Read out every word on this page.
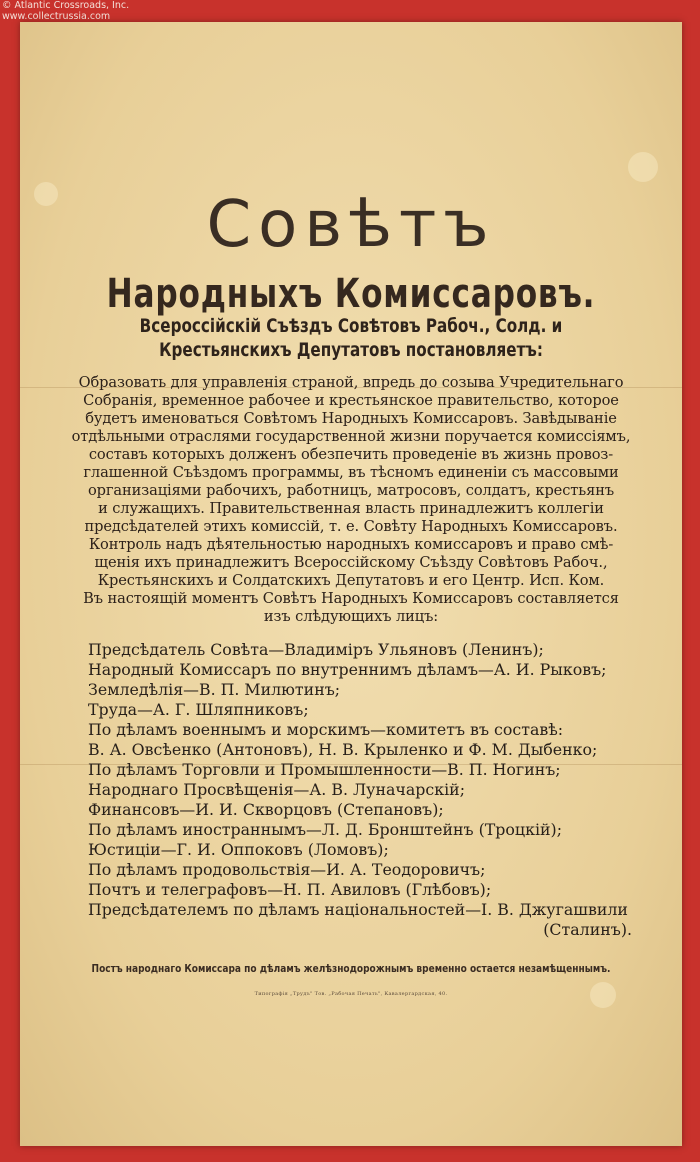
© Atlantic Crossroads, Inc.
www.collectrussia.com
Совѣтъ
Народныхъ Комиссаровъ.
Всероссійскій Съѣздъ Совѣтовъ Рабоч., Солд. и
Крестьянскихъ Депутатовъ постановляетъ:
Образовать для управленія страной, впредь до созыва Учредительнаго
Собранія, временное рабочее и крестьянское правительство, которое
будетъ именоваться Совѣтомъ Народныхъ Комиссаровъ. Завѣдываніе
отдѣльными отраслями государственной жизни поручается комиссіямъ,
составъ которыхъ долженъ обезпечить проведеніе въ жизнь провоз-
глашенной Съѣздомъ программы, въ тѣсномъ единеніи съ массовыми
организаціями рабочихъ, работницъ, матросовъ, солдатъ, крестьянъ
и служащихъ. Правительственная власть принадлежитъ коллегіи
предсѣдателей этихъ комиссій, т. е. Совѣту Народныхъ Комиссаровъ.
Контроль надъ дѣятельностью народныхъ комиссаровъ и право смѣ-
щенія ихъ принадлежитъ Всероссійскому Съѣзду Совѣтовъ Рабоч.,
Крестьянскихъ и Солдатскихъ Депутатовъ и его Центр. Исп. Ком.
Въ настоящій моментъ Совѣтъ Народныхъ Комиссаровъ составляется
изъ слѣдующихъ лицъ:
Предсѣдатель Совѣта—Владиміръ Ульяновъ (Ленинъ);
Народный Комиссаръ по внутреннимъ дѣламъ—А. И. Рыковъ;
Земледѣлія—В. П. Милютинъ;
Труда—А. Г. Шляпниковъ;
По дѣламъ военнымъ и морскимъ—комитетъ въ составѣ:
В. А. Овсѣенко (Антоновъ), Н. В. Крыленко и Ф. М. Дыбенко;
По дѣламъ Торговли и Промышленности—В. П. Ногинъ;
Народнаго Просвѣщенія—А. В. Луначарскій;
Финансовъ—И. И. Скворцовъ (Степановъ);
По дѣламъ иностраннымъ—Л. Д. Бронштейнъ (Троцкій);
Юстиціи—Г. И. Оппоковъ (Ломовъ);
По дѣламъ продовольствія—И. А. Теодоровичъ;
Почтъ и телеграфовъ—Н. П. Авиловъ (Глѣбовъ);
Предсѣдателемъ по дѣламъ національностей—І. В. Джугашвили
(Сталинъ).
Постъ народнаго Комиссара по дѣламъ желѣзнодорожнымъ временно остается незамѣщеннымъ.
Типографія „Трудъ" Тов. „Рабочая Печать", Кавалергардская, 40.
